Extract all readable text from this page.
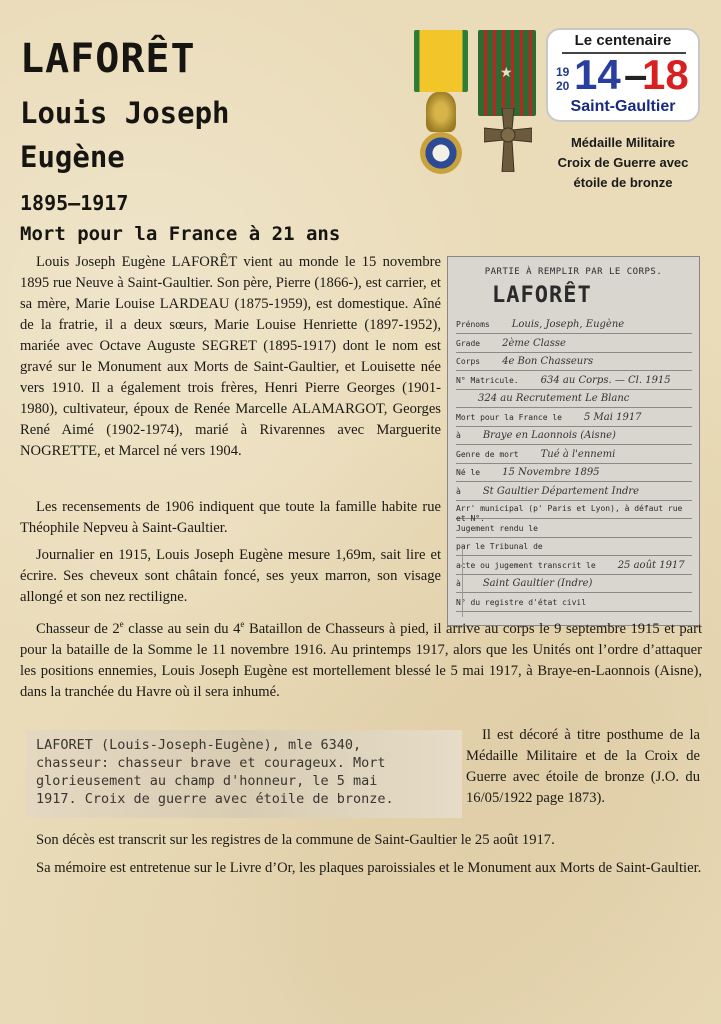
LAFORÊT
Louis Joseph
Eugène
1895–1917
Mort pour la France à 21 ans
★
Le centenaire
19
20 14 –
18
Saint-Gaultier
Médaille Militaire
Croix de Guerre avec
étoile de bronze
PARTIE À REMPLIR PAR LE CORPS.
LAFORÊT
Prénoms Louis, Joseph, Eugène
Grade 2ème Classe
Corps 4e Bon Chasseurs
N° Matricule. 634 au Corps. — Cl. 1915
324 au Recrutement Le Blanc
Mort pour la France le 5 Mai 1917
à Braye en Laonnois (Aisne)
Genre de mort Tué à l'ennemi
Né le 15 Novembre 1895
à St Gaultier Département Indre
Arr' municipal (p' Paris et Lyon), à défaut rue et N°.
Jugement rendu le
par le Tribunal de
acte ou jugement transcrit le 25 août 1917
à Saint Gaultier (Indre)
N° du registre d'état civil

Louis Joseph Eugène LAFORÊT vient au monde le 15 novembre 1895 rue Neuve à Saint-Gaultier. Son père, Pierre (1866-), est carrier, et sa mère, Marie Louise LARDEAU (1875-1959), est domestique. Aîné de la fratrie, il a deux sœurs, Marie Louise Henriette (1897-1952), mariée avec Octave Auguste SEGRET (1895-1917) dont le nom est gravé sur le Monument aux Morts de Saint-Gaultier, et Louisette née vers 1910. Il a également trois frères, Henri Pierre Georges (1901-1980), cultivateur, époux de Renée Marcelle ALAMARGOT, Georges René Aimé (1902-1974), marié à Rivarennes avec Marguerite NOGRETTE, et Marcel né vers 1904.

Les recensements de 1906 indiquent que toute la famille habite rue Théophile Nepveu à Saint-Gaultier.

Journalier en 1915, Louis Joseph Eugène mesure 1,69m, sait lire et écrire. Ses cheveux sont châtain foncé, ses yeux marron, son visage allongé et son nez rectiligne.

Chasseur de 2e classe au sein du 4e Bataillon de Chasseurs à pied, il arrive au corps le 9 septembre 1915 et part pour la bataille de la Somme le 11 novembre 1916. Au printemps 1917, alors que les Unités ont l’ordre d’attaquer les positions ennemies, Louis Joseph Eugène est mortellement blessé le 5 mai 1917, à Braye-en-Laonnois (Aisne), dans la tranchée du Havre où il sera inhumé.

LAFORET (Louis-Joseph-Eugène), mle 6340,
chasseur: chasseur brave et courageux. Mort
glorieusement au champ d'honneur, le 5 mai
1917. Croix de guerre avec étoile de bronze.

Il est décoré à titre posthume de la Médaille Militaire et de la Croix de Guerre avec étoile de bronze (J.O. du 16/05/1922 page 1873).

Son décès est transcrit sur les registres de la commune de Saint-Gaultier le 25 août 1917.

Sa mémoire est entretenue sur le Livre d’Or, les plaques paroissiales et le Monument aux Morts de Saint-Gaultier.
